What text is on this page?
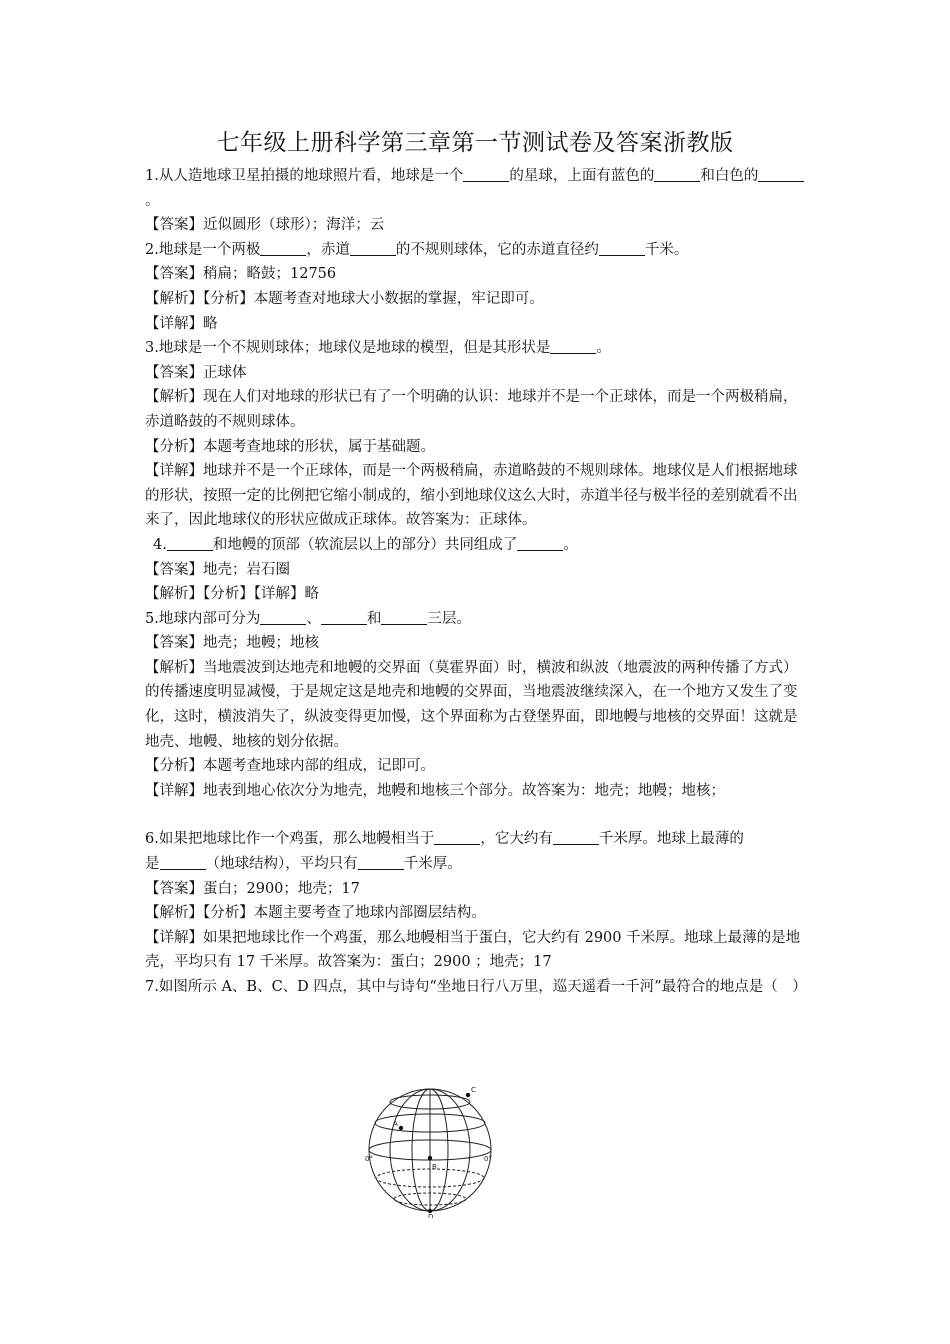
七年级上册科学第三章第一节测试卷及答案浙教版

1.从人造地球卫星拍摄的地球照片看，地球是一个	的星球，上面有蓝色的	和白色的。

【答案】近似圆形（球形）；海洋；云

2.地球是一个两极	，赤道	的不规则球体，它的赤道直径约	千米。

【答案】稍扁；略鼓；12756

【解析】【分析】本题考查对地球大小数据的掌握，牢记即可。

【详解】略

3.地球是一个不规则球体；地球仪是地球的模型，但是其形状是	。

【答案】正球体

【解析】现在人们对地球的形状已有了一个明确的认识：地球并不是一个正球体，而是一个两极稍扁，赤道略鼓的不规则球体。

【分析】本题考查地球的形状，属于基础题。

【详解】地球并不是一个正球体，而是一个两极稍扁，赤道略鼓的不规则球体。地球仪是人们根据地球的形状，按照一定的比例把它缩小制成的，缩小到地球仪这么大时，赤道半径与极半径的差别就看不出来了，因此地球仪的形状应做成正球体。故答案为：正球体。

4.	和地幔的顶部（软流层以上的部分）共同组成了	。

【答案】地壳；岩石圈

【解析】【分析】【详解】略

5.地球内部可分为	、	和	三层。

【答案】地壳；地幔；地核

【解析】当地震波到达地壳和地幔的交界面（莫霍界面）时，横波和纵波（地震波的两种传播了方式）的传播速度明显减慢，于是规定这是地壳和地幔的交界面，当地震波继续深入，在一个地方又发生了变化，这时，横波消失了，纵波变得更加慢，这个界面称为古登堡界面，即地幔与地核的交界面！这就是地壳、地幔、地核的划分依据。

【分析】本题考查地球内部的组成，记即可。

【详解】地表到地心依次分为地壳，地幔和地核三个部分。故答案为：地壳；地幔；地核；

6.如果把地球比作一个鸡蛋，那么地幔相当于	，它大约有	千米厚。地球上最薄的

是	（地球结构），平均只有	千米厚。

【答案】蛋白；2900；地壳；17

【解析】【分析】本题主要考查了地球内部圈层结构。

【详解】如果把地球比作一个鸡蛋，那么地幔相当于蛋白，它大约有 2900 千米厚。地球上最薄的是地壳，平均只有 17 千米厚。故答案为：蛋白；2900 ；地壳；17

7.如图所示 A、B、C、D 四点，其中与诗句“坐地日行八万里，巡天遥看一千河”最符合的地点是（　）

C
A
B
D
0°	0°
